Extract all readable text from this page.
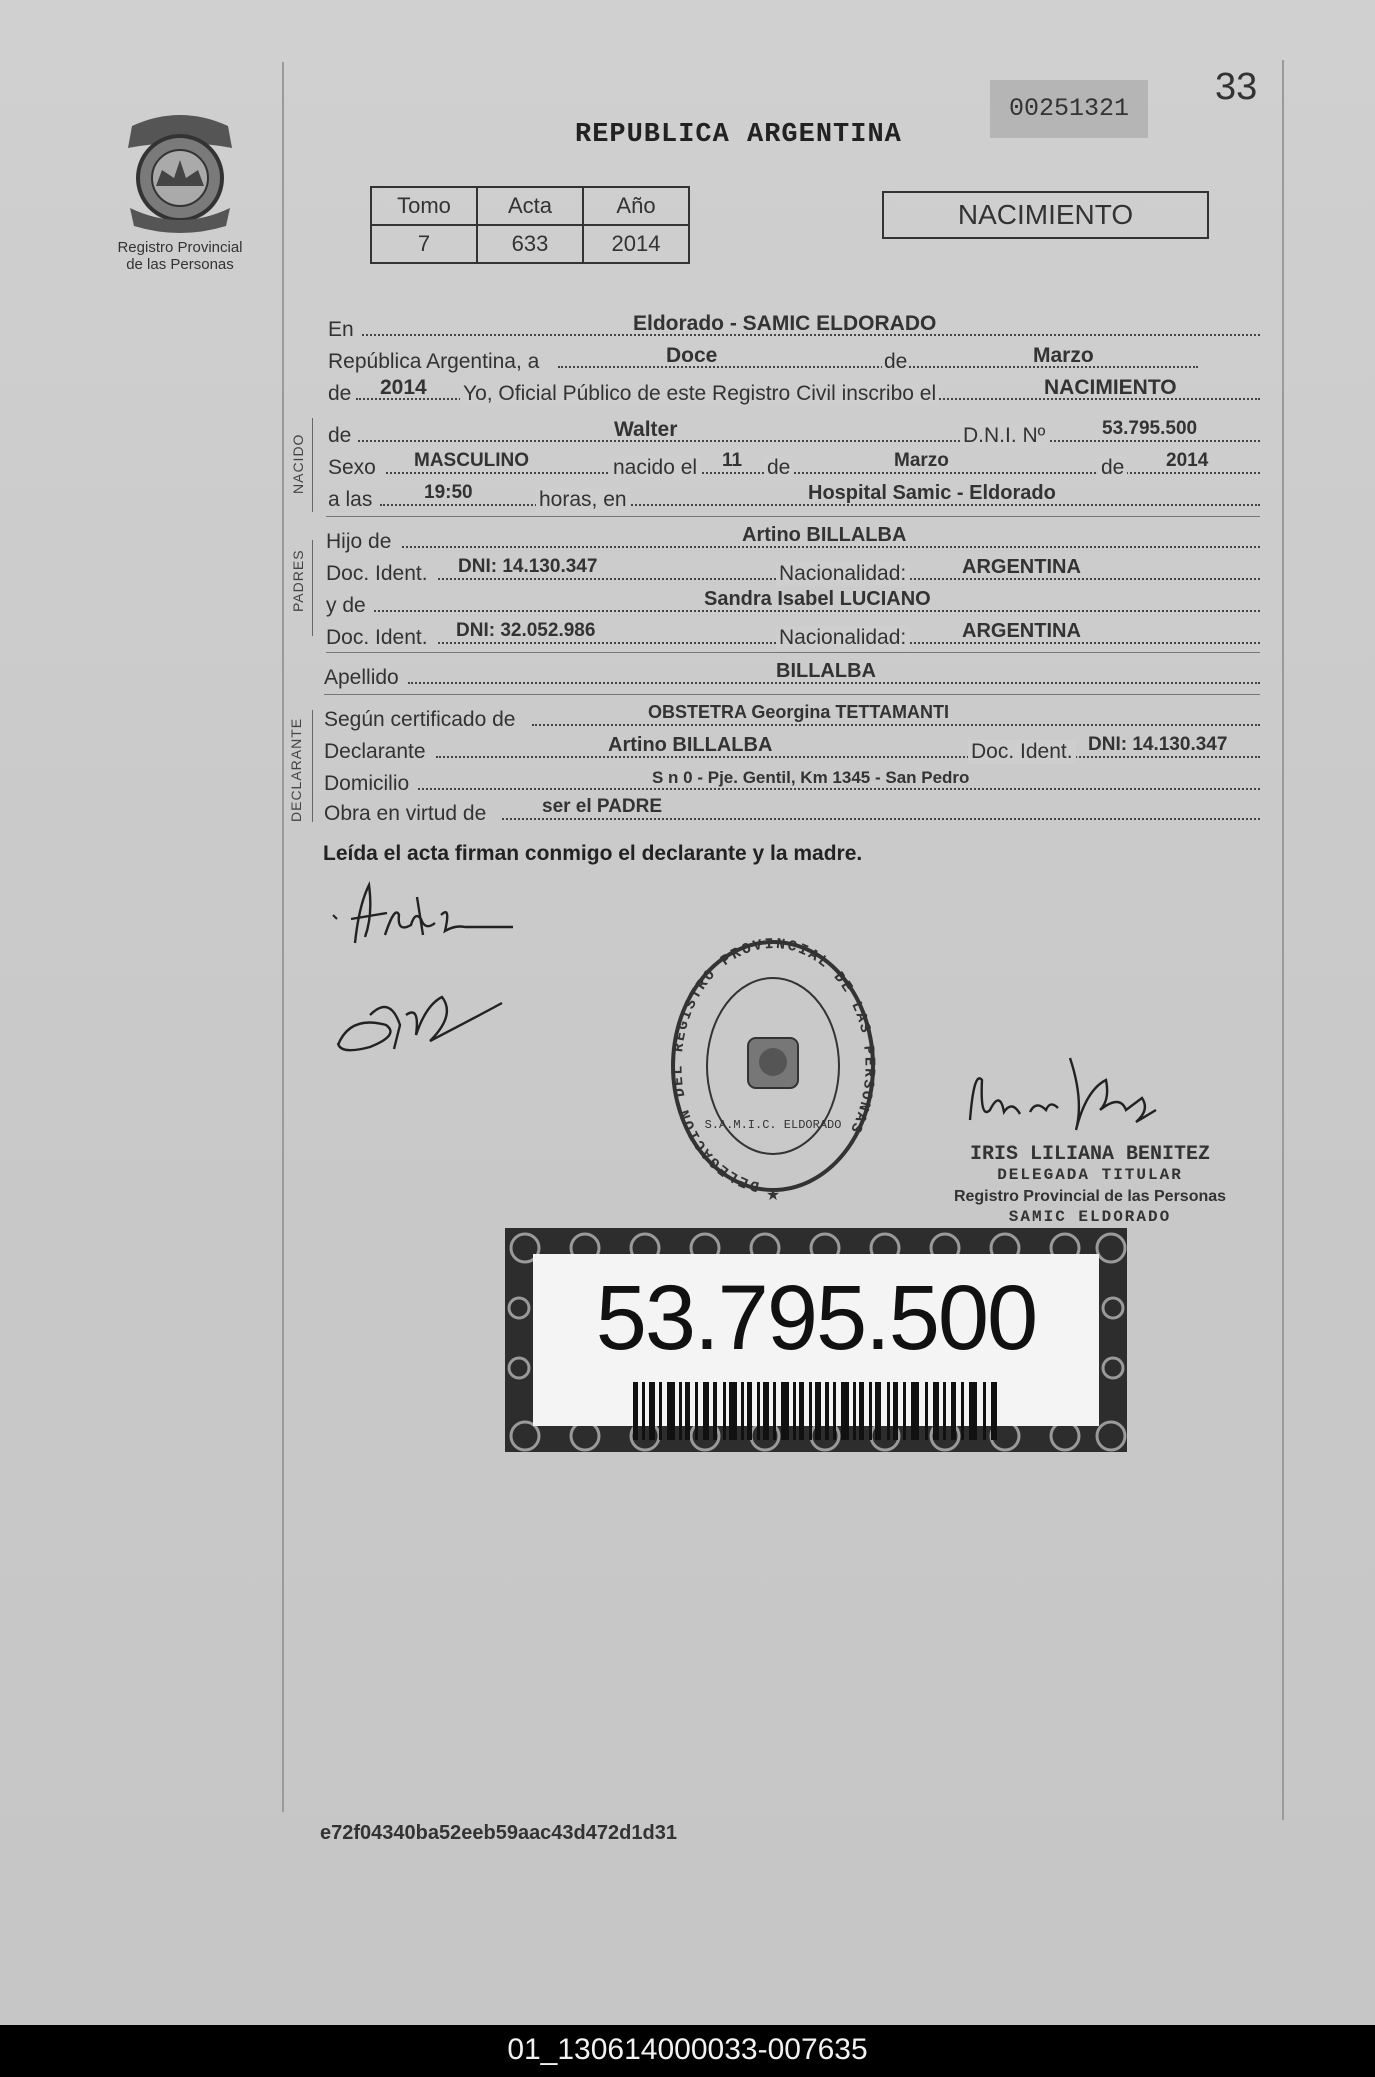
Registro Provincial
de las Personas
REPUBLICA ARGENTINA
00251321
33
Tomo	Acta	Año
7	633	2014
NACIMIENTO
En	Eldorado - SAMIC ELDORADO
República Argentina, a	Doce	de	Marzo
de 2014 Yo, Oficial Público de este Registro Civil inscribo el	NACIMIENTO
NACIDO de	Walter	D.N.I. Nº	53.795.500
Sexo MASCULINO	nacido el 11 de	Marzo	de 2014
a las	19:50	horas, en	Hospital Samic - Eldorado
PADRES
Hijo de	Artino BILLALBA
Doc. Ident. DNI: 14.130.347	Nacionalidad:	ARGENTINA
y de	Sandra Isabel LUCIANO
Doc. Ident. DNI: 32.052.986	Nacionalidad:	ARGENTINA
Apellido	BILLALBA
DECLARANTE Según certificado de	OBSTETRA Georgina TETTAMANTI
Declarante	Artino BILLALBA	Doc. Ident. DNI: 14.130.347
Domicilio	S n 0 - Pje. Gentil, Km 1345 - San Pedro
Obra en virtud de	ser el PADRE
Leída el acta firman conmigo el declarante y la madre.
DELEGACION DEL REGISTRO PROVINCIAL DE LAS PERSONAS
S.A.M.I.C. ELDORADO
★
IRIS LILIANA BENITEZ
DELEGADA TITULAR
Registro Provincial de las Personas
SAMIC ELDORADO
53.795.500
e72f04340ba52eeb59aac43d472d1d31
01_130614000033-007635
